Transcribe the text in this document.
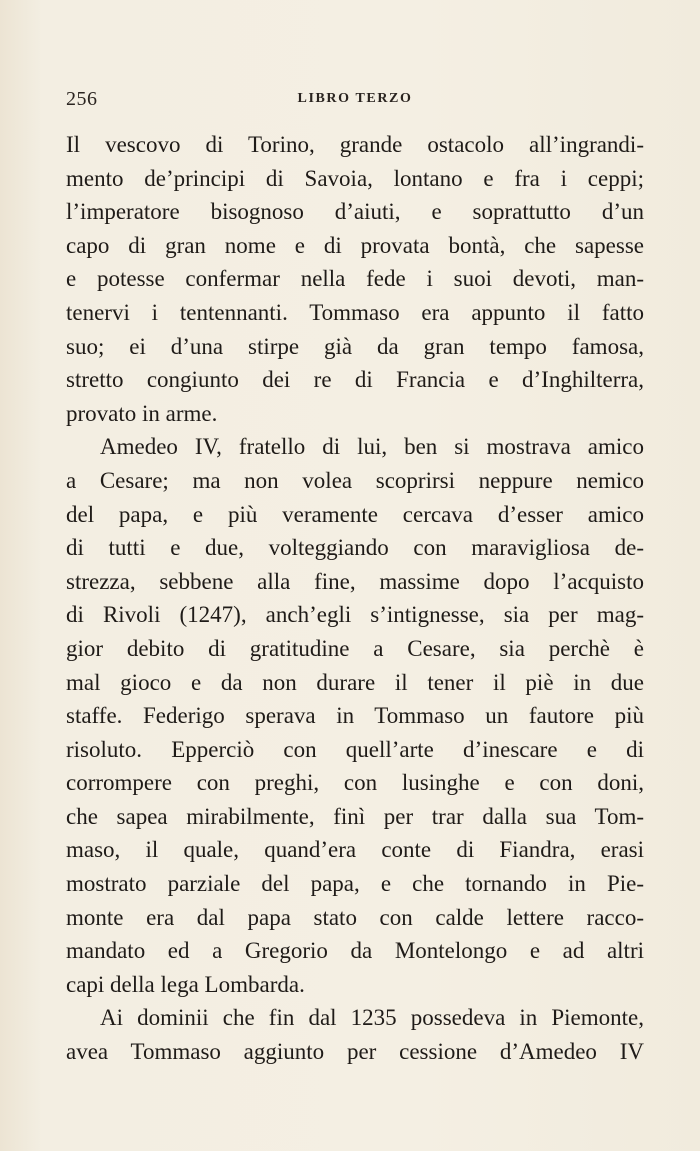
256	LIBRO TERZO
Il vescovo di Torino, grande ostacolo all’ingrandi-
mento de’principi di Savoia, lontano e fra i ceppi;
l’imperatore bisognoso d’aiuti, e soprattutto d’un
capo di gran nome e di provata bontà, che sapesse
e potesse confermar nella fede i suoi devoti, man-
tenervi i tentennanti. Tommaso era appunto il fatto
suo; ei d’una stirpe già da gran tempo famosa,
stretto congiunto dei re di Francia e d’Inghilterra,
provato in arme.
Amedeo IV, fratello di lui, ben si mostrava amico
a Cesare; ma non volea scoprirsi neppure nemico
del papa, e più veramente cercava d’esser amico
di tutti e due, volteggiando con maravigliosa de-
strezza, sebbene alla fine, massime dopo l’acquisto
di Rivoli (1247), anch’egli s’intignesse, sia per mag-
gior debito di gratitudine a Cesare, sia perchè è
mal gioco e da non durare il tener il piè in due
staffe. Federigo sperava in Tommaso un fautore più
risoluto. Epperciò con quell’arte d’inescare e di
corrompere con preghi, con lusinghe e con doni,
che sapea mirabilmente, finì per trar dalla sua Tom-
maso, il quale, quand’era conte di Fiandra, erasi
mostrato parziale del papa, e che tornando in Pie-
monte era dal papa stato con calde lettere racco-
mandato ed a Gregorio da Montelongo e ad altri
capi della lega Lombarda.
Ai dominii che fin dal 1235 possedeva in Piemonte,
avea Tommaso aggiunto per cessione d’Amedeo IV
